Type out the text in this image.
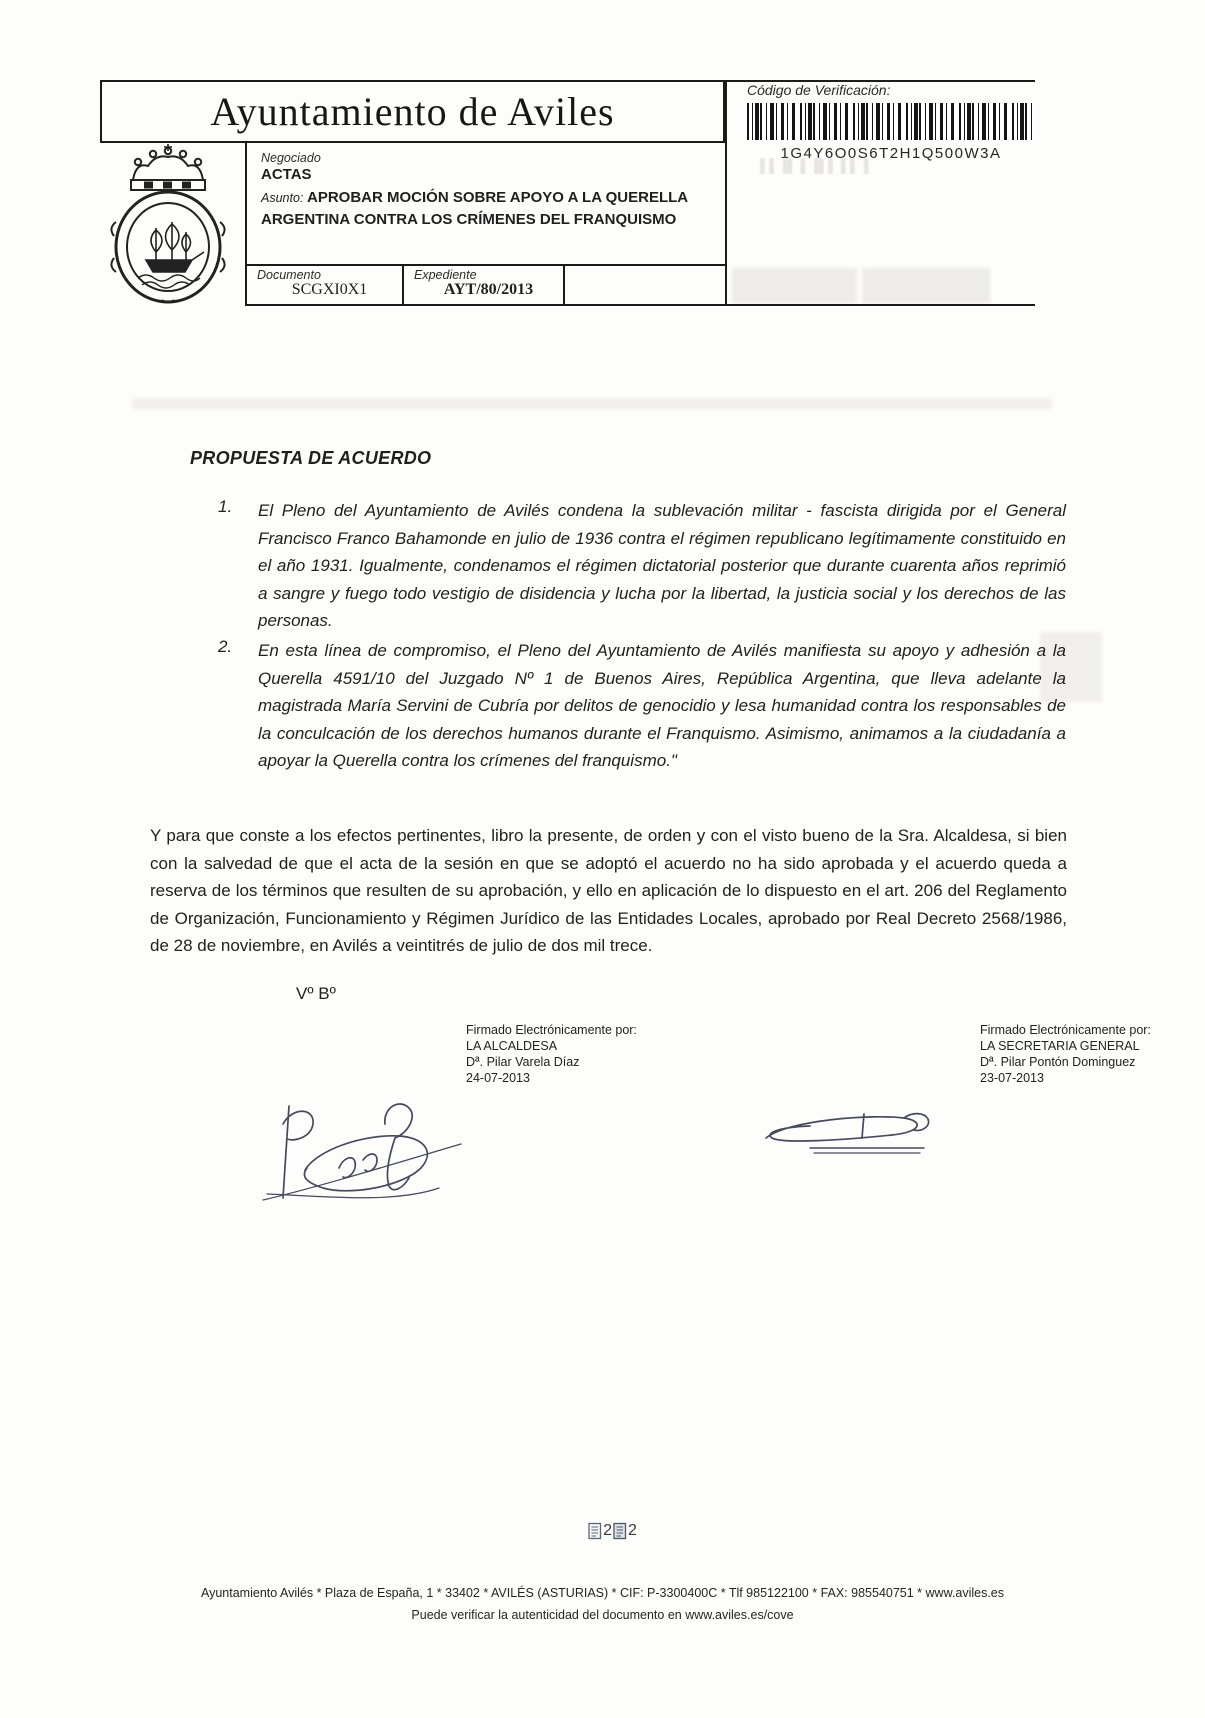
Ayuntamiento de Aviles	Código de Verificación:
1G4Y6O0S6T2H1Q500W3A
▌▌▐▌ ▌▐▌▌ ▌▌▐
Negociado
ACTAS
Asunto: APROBAR MOCIÓN SOBRE APOYO A LA QUERELLA ARGENTINA CONTRA LOS CRÍMENES DEL FRANQUISMO
Documento
SCGXI0X1
Expediente
AYT/80/2013
PROPUESTA DE ACUERDO
1.	El Pleno del Ayuntamiento de Avilés condena la sublevación militar - fascista dirigida por el General Francisco Franco Bahamonde en julio de 1936 contra el régimen republicano legítimamente constituido en el año 1931. Igualmente, condenamos el régimen dictatorial posterior que durante cuarenta años reprimió a sangre y fuego todo vestigio de disidencia y lucha por la libertad, la justicia social y los derechos de las personas.
2.	En esta línea de compromiso, el Pleno del Ayuntamiento de Avilés manifiesta su apoyo y adhesión a la Querella 4591/10 del Juzgado Nº 1 de Buenos Aires, República Argentina, que lleva adelante la magistrada María Servini de Cubría por delitos de genocidio y lesa humanidad contra los responsables de la conculcación de los derechos humanos durante el Franquismo. Asimismo, animamos a la ciudadanía a apoyar la Querella contra los crímenes del franquismo."
Y para que conste a los efectos pertinentes, libro la presente, de orden y con el visto bueno de la Sra. Alcaldesa, si bien con la salvedad de que el acta de la sesión en que se adoptó el acuerdo no ha sido aprobada y el acuerdo queda a reserva de los términos que resulten de su aprobación, y ello en aplicación de lo dispuesto en el art. 206 del Reglamento de Organización, Funcionamiento y Régimen Jurídico de las Entidades Locales, aprobado por Real Decreto 2568/1986, de 28 de noviembre, en Avilés a veintitrés de julio de dos mil trece.
Vº Bº
Firmado Electrónicamente por:
LA ALCALDESA
Dª. Pilar Varela Díaz
24-07-2013
Firmado Electrónicamente por:
LA SECRETARIA GENERAL
Dª. Pilar Pontón Dominguez
23-07-2013
2 2
Ayuntamiento Avilés * Plaza de España, 1 * 33402 * AVILÉS (ASTURIAS) * CIF: P-3300400C * Tlf 985122100 * FAX: 985540751 * www.aviles.es
Puede verificar la autenticidad del documento en www.aviles.es/cove
